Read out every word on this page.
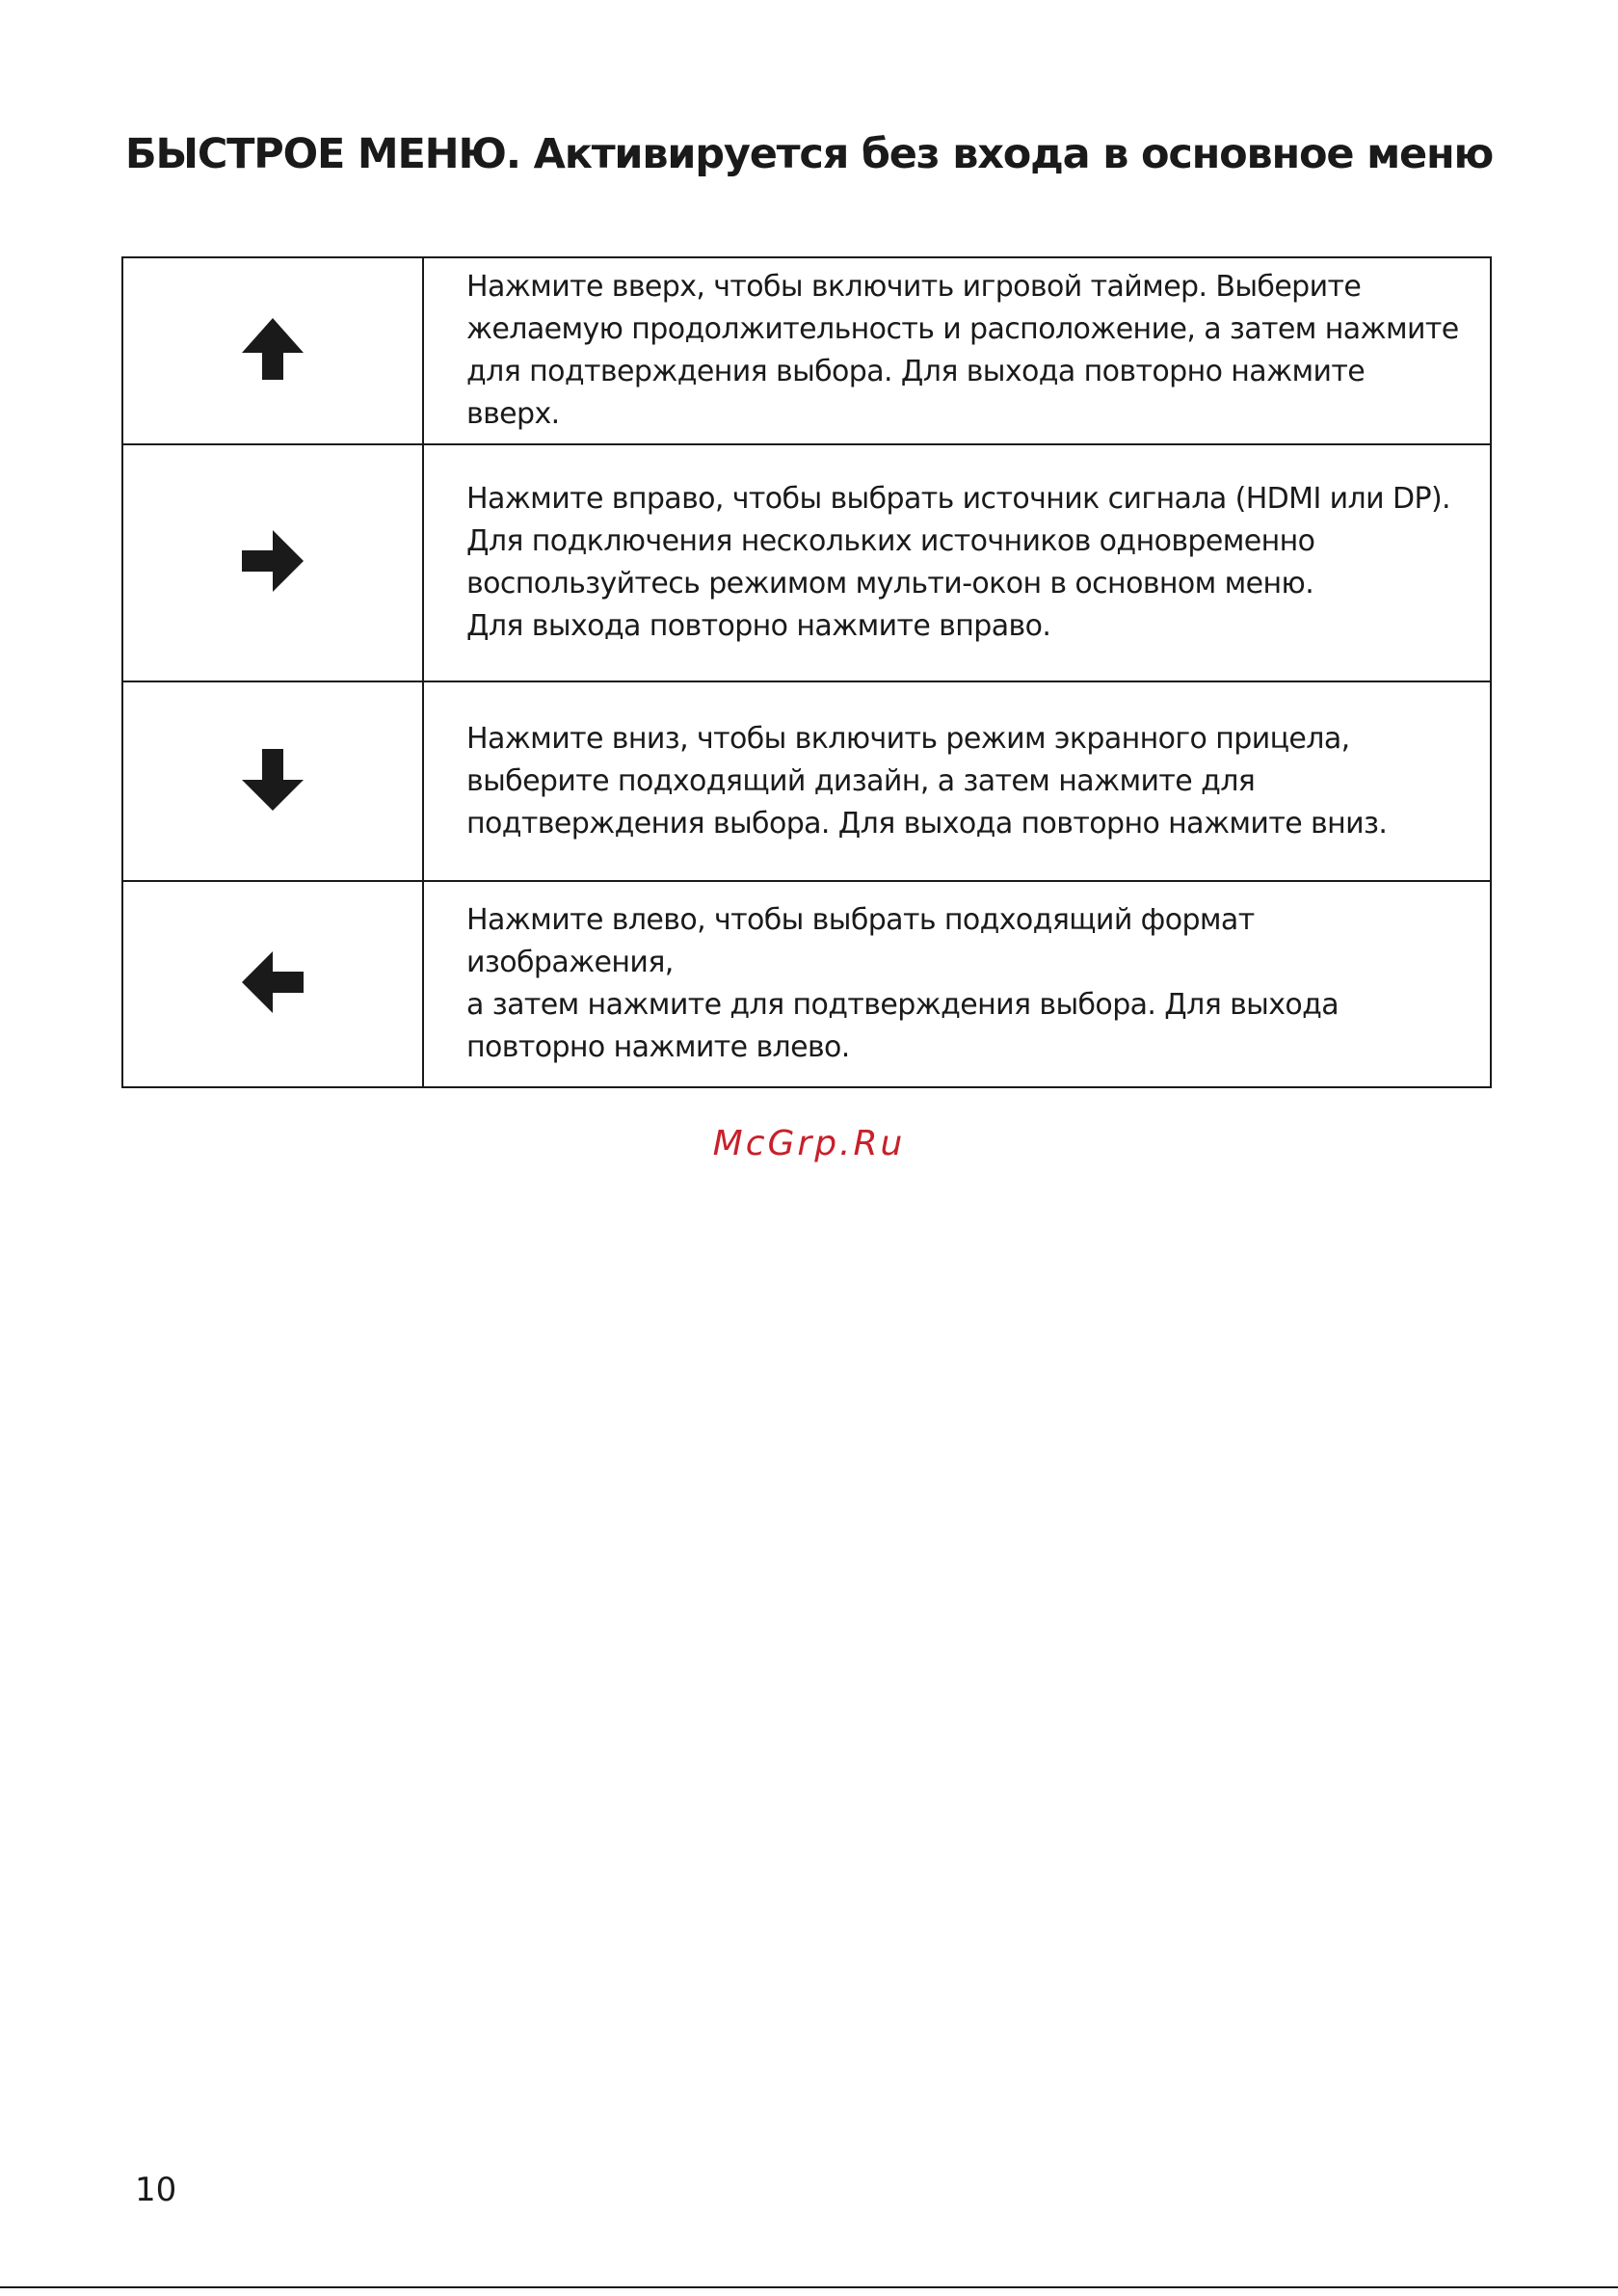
БЫСТРОЕ МЕНЮ. Активируется без входа в основное меню

Нажмите вверх, чтобы включить игровой таймер. Выберите

желаемую продолжительность и расположение, а затем нажмите

для подтверждения выбора. Для выхода повторно нажмите вверх.

Нажмите вправо, чтобы выбрать источник сигнала (HDMI или DP).

Для подключения нескольких источников одновременно

воспользуйтесь режимом мульти-окон в основном меню.

Для выхода повторно нажмите вправо.

Нажмите вниз, чтобы включить режим экранного прицела,

выберите подходящий дизайн, а затем нажмите для

подтверждения выбора. Для выхода повторно нажмите вниз.

Нажмите влево, чтобы выбрать подходящий формат изображения,

а затем нажмите для подтверждения выбора. Для выхода

повторно нажмите влево.

McGrp.Ru
10
